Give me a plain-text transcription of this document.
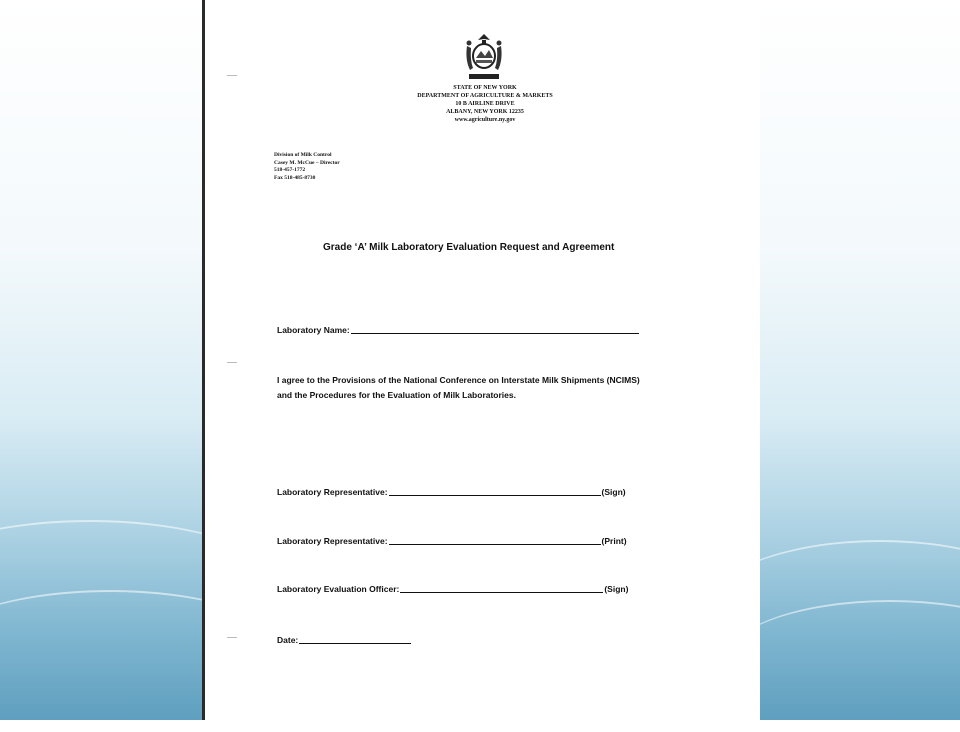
STATE OF NEW YORK
DEPARTMENT OF AGRICULTURE & MARKETS
10 B AIRLINE DRIVE
ALBANY, NEW YORK 12235
www.agriculture.ny.gov
Division of Milk Control
Casey M. McCue – Director
518-457-1772
Fax 518-485-8730
Grade ‘A’ Milk Laboratory Evaluation Request and Agreement
Laboratory Name:
I agree to the Provisions of the National Conference on Interstate Milk Shipments (NCIMS)
and the Procedures for the Evaluation of Milk Laboratories.
Laboratory Representative:	(Sign)
Laboratory Representative:	(Print)
Laboratory Evaluation Officer:	(Sign)
Date:
